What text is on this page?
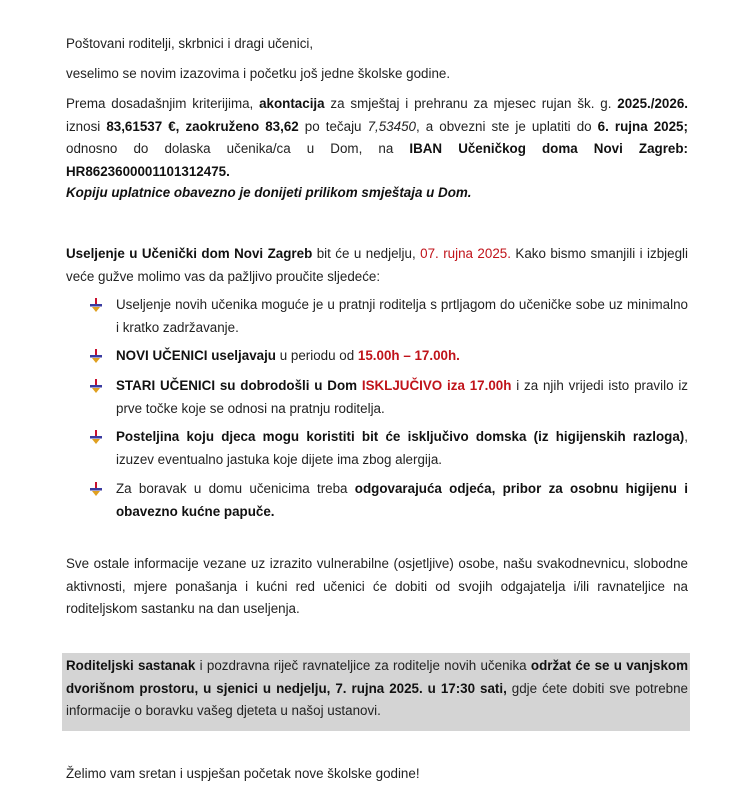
Poštovani roditelji, skrbnici i dragi učenici,

veselimo se novim izazovima i početku još jedne školske godine.

Prema dosadašnjim kriterijima, akontacija za smještaj i prehranu za mjesec rujan šk. g. 2025./2026. iznosi 83,61537 €, zaokruženo 83,62 po tečaju 7,53450, a obvezni ste je uplatiti do 6. rujna 2025; odnosno do dolaska učenika/ca u Dom, na IBAN Učeničkog doma Novi Zagreb: HR8623600001101312475.

Kopiju uplatnice obavezno je donijeti prilikom smještaja u Dom.

Useljenje u Učenički dom Novi Zagreb bit će u nedjelju, 07. rujna 2025. Kako bismo smanjili i izbjegli veće gužve molimo vas da pažljivo proučite sljedeće:

Useljenje novih učenika moguće je u pratnji roditelja s prtljagom do učeničke sobe uz minimalno i kratko zadržavanje.
NOVI UČENICI useljavaju u periodu od 15.00h – 17.00h.
STARI UČENICI su dobrodošli u Dom ISKLJUČIVO iza 17.00h i za njih vrijedi isto pravilo iz prve točke koje se odnosi na pratnju roditelja.
Posteljina koju djeca mogu koristiti bit će isključivo domska (iz higijenskih razloga), izuzev eventualno jastuka koje dijete ima zbog alergija.
Za boravak u domu učenicima treba odgovarajuća odjeća, pribor za osobnu higijenu i obavezno kućne papuče.

Sve ostale informacije vezane uz izrazito vulnerabilne (osjetljive) osobe, našu svakodnevnicu, slobodne aktivnosti, mjere ponašanja i kućni red učenici će dobiti od svojih odgajatelja i/ili ravnateljice na roditeljskom sastanku na dan useljenja.

Roditeljski sastanak i pozdravna riječ ravnateljice za roditelje novih učenika održat će se u vanjskom dvorišnom prostoru, u sjenici u nedjelju, 7. rujna 2025. u 17:30 sati, gdje ćete dobiti sve potrebne informacije o boravku vašeg djeteta u našoj ustanovi.

Želimo vam sretan i uspješan početak nove školske godine!
